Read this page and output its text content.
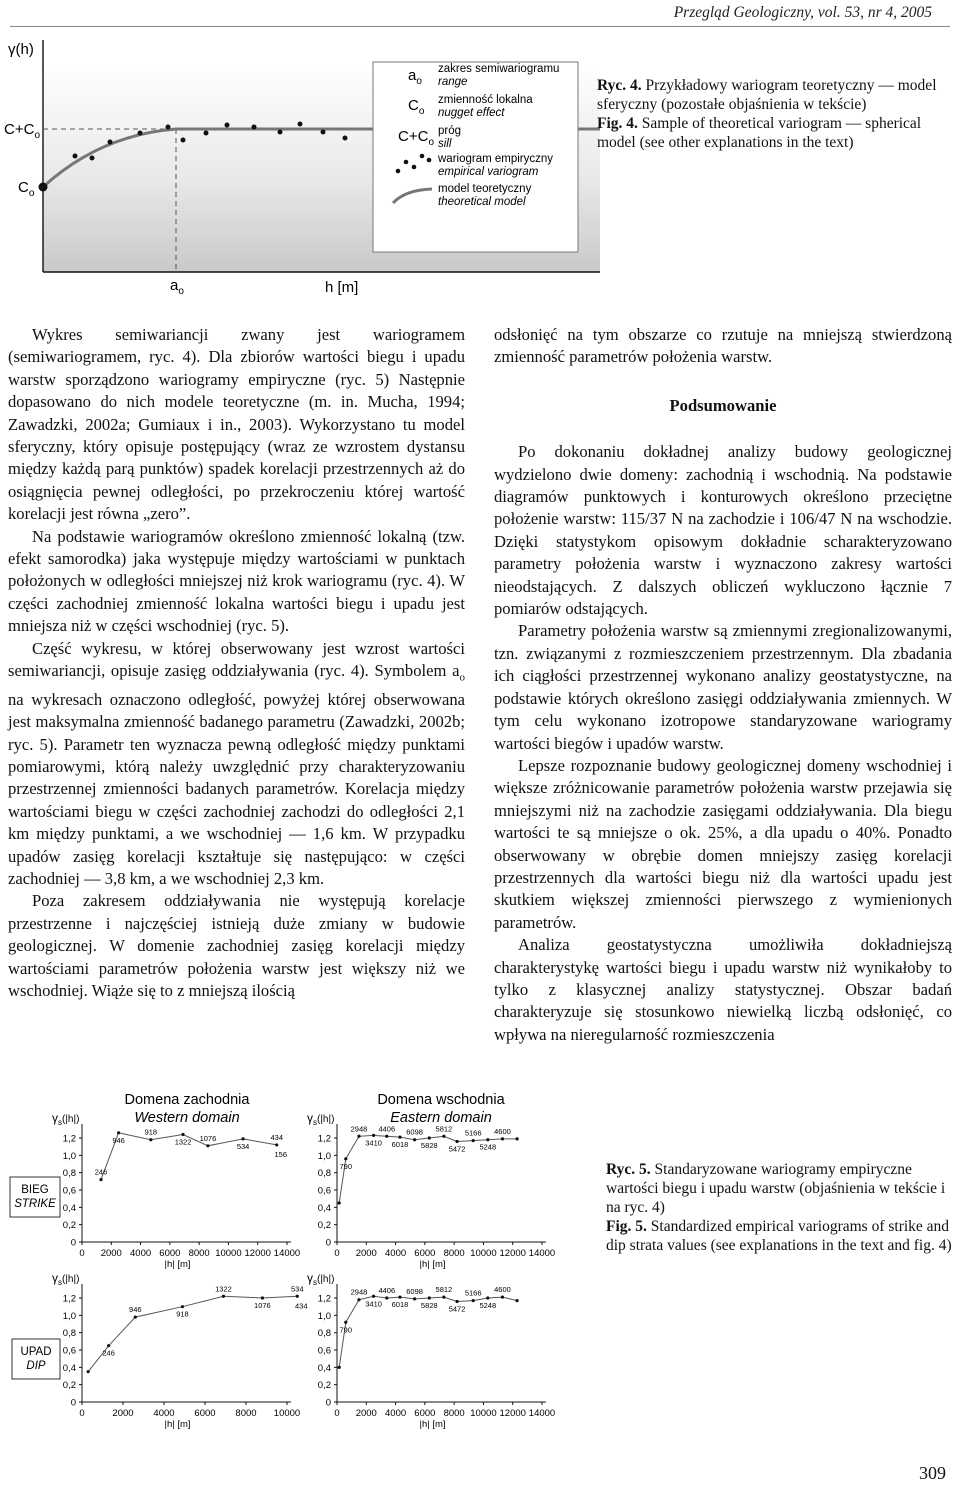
Przegląd Geologiczny, vol. 53, nr 4, 2005
γ(h)
$C+C_o$
$C_o$
$a_o$	h [m]
$a_o$
zakres semiwariogramu
range
$C_o$
zmienność lokalna
nugget effect
$C+C_o$
próg
sill
wariogram empiryczny
empirical variogram
model teoretyczny
theoretical model
Ryc. 4. Przykładowy wariogram teoretyczny — model sferyczny (pozostałe objaśnienia w tekście)
Fig. 4. Sample of theoretical variogram — spherical model (see other explanations in the text)

Wykres semiwariancji zwany jest wariogramem (semiwariogramem, ryc. 4). Dla zbiorów wartości biegu i upadu warstw sporządzono wariogramy empiryczne (ryc. 5) Następnie dopasowano do nich modele teoretyczne (m. in. Mucha, 1994; Zawadzki, 2002a; Gumiaux i in., 2003). Wykorzystano tu model sferyczny, który opisuje postępujący (wraz ze wzrostem dystansu między każdą parą punktów) spadek korelacji przestrzennych aż do osiągnięcia pewnej odległości, po przekroczeniu której wartość korelacji jest równa „zero”.

Na podstawie wariogramów określono zmienność lokalną (tzw. efekt samorodka) jaka występuje między wartościami w punktach położonych w odległości mniejszej niż krok wariogramu (ryc. 4). W części zachodniej zmienność lokalna wartości biegu i upadu jest mniejsza niż w części wschodniej (ryc. 5).

Część wykresu, w której obserwowany jest wzrost wartości semiwariancji, opisuje zasięg oddziaływania (ryc. 4). Symbolem $a_o$ na wykresach oznaczono odległość, powyżej której obserwowana jest maksymalna zmienność badanego parametru (Zawadzki, 2002b; ryc. 5). Parametr ten wyznacza pewną odległość między punktami pomiarowymi, którą należy uwzględnić przy charakteryzowaniu przestrzennej zmienności badanych parametrów. Korelacja między wartościami biegu w części zachodniej zachodzi do odległości 2,1 km między punktami, a we wschodniej — 1,6 km. W przypadku upadów zasięg korelacji kształtuje się następująco: w części zachodniej — 3,8 km, a we wschodniej 2,3 km.

Poza zakresem oddziaływania nie występują korelacje przestrzenne i najczęściej istnieją duże zmiany w budowie geologicznej. W domenie zachodniej zasięg korelacji między wartościami parametrów położenia warstw jest większy niż we wschodniej. Wiąże się to z mniejszą ilością

odsłonięć na tym obszarze co rzutuje na mniejszą stwierdzoną zmienność parametrów położenia warstw.

Podsumowanie

Po dokonaniu dokładnej analizy budowy geologicznej wydzielono dwie domeny: zachodnią i wschodnią. Na podstawie diagramów punktowych i konturowych określono przeciętne położenie warstw: 115/37 N na zachodzie i 106/47 N na wschodzie. Dzięki statystykom opisowym dokładnie scharakteryzowano parametry położenia warstw i wyznaczono zakresy wartości nieodstających. Z dalszych obliczeń wykluczono łącznie 7 pomiarów odstających.

Parametry położenia warstw są zmiennymi zregionalizowanymi, tzn. związanymi z rozmieszczeniem przestrzennym. Dla zbadania ich ciągłości przestrzennej wykonano analizy geostatystyczne, na podstawie których określono zasięgi oddziaływania zmiennych. W tym celu wykonano izotropowe standaryzowane wariogramy wartości biegów i upadów warstw.

Lepsze rozpoznanie budowy geologicznej domeny wschodniej i większe zróżnicowanie parametrów położenia warstw przejawia się mniejszymi niż na zachodzie zasięgami oddziaływania. Dla biegu wartości te są mniejsze o ok. 25%, a dla upadu o 40%. Ponadto obserwowany w obrębie domen mniejszy zasięg korelacji przestrzennych dla wartości biegu niż dla wartości upadu jest skutkiem większej zmienności pierwszego z wymienionych parametrów.

Analiza geostatystyczna umożliwiła dokładniejszą charakterystykę wartości biegu i upadu warstw niż wynikałoby to tylko z klasycznej analizy statystycznej. Obszar badań charakteryzuje się stosunkowo niewielką liczbą odsłonięć, co wpływa na nieregularność rozmieszczenia

Domena zachodnia
Western domain
Domena wschodnia
Eastern domain
BIEG
STRIKE
UPAD
DIP
$\gamma_s^{(|h|)}$
0
0,2
0,4
0,6
0,8
1,0
1,2
0 2000 4000 6000 8000 10000 12000 14000
|h| [m]
246
946
918
1322 1076
534
434
156
$\gamma_s^{(|h|)}$
0
0,2
0,4
0,6
0,8
1,0
1,2
0 2000 4000 6000 8000 10000 12000 14000
|h| [m]
790
2948
3410
4406
6018
6098
5828
5812
5472
5166
5248
4600
$\gamma_s^{(|h|)}$
0
0,2
0,4
0,6
0,8
1,0
1,2
0	2000 4000 6000 8000 10000
|h| [m]
246
946
918
1322
1076
534
434
$\gamma_s^{(|h|)}$
0
0,2
0,4
0,6
0,8
1,0
1,2
0 2000 4000 6000 8000 10000 12000 14000
|h| [m]
790
2948
3410
4406
6018
6098
5828
5812
5472
5166
5248
4600
Ryc. 5. Standaryzowane wariogramy empiryczne wartości biegu i upadu warstw (objaśnienia w tekście i na ryc. 4)
Fig. 5. Standardized empirical variograms of strike and dip strata values (see explanations in the text and fig. 4)
309
